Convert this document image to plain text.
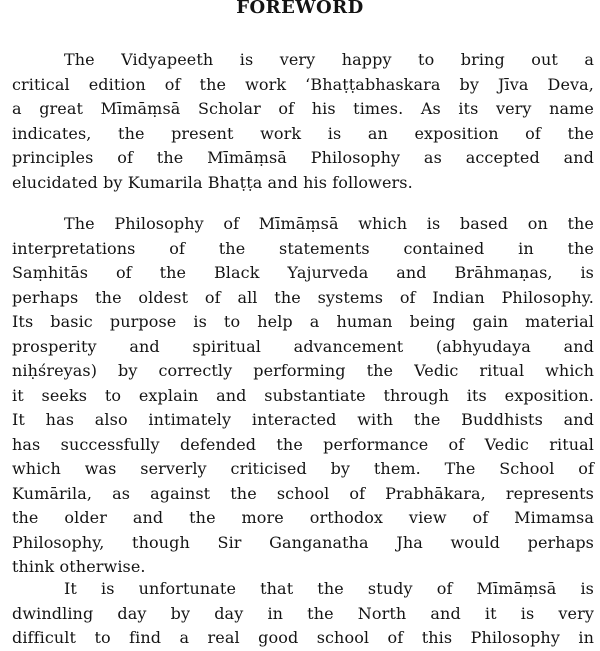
FOREWORD
The Vidyapeeth is very happy to bring out a
critical edition of the work ‘Bhaṭṭabhaskara by Jīva Deva,
a great Mīmāṃsā Scholar of his times. As its very name
indicates, the present work is an exposition of the
principles of the Mīmāṃsā Philosophy as accepted and
elucidated by Kumarila Bhaṭṭa and his followers.
The Philosophy of Mīmāṃsā which is based on the
interpretations of the statements contained in the
Saṃhitās of the Black Yajurveda and Brāhmaṇas, is
perhaps the oldest of all the systems of Indian Philosophy.
Its basic purpose is to help a human being gain material
prosperity and spiritual advancement (abhyudaya and
niḥśreyas) by correctly performing the Vedic ritual which
it seeks to explain and substantiate through its exposition.
It has also intimately interacted with the Buddhists and
has successfully defended the performance of Vedic ritual
which was serverly criticised by them. The School of
Kumārila, as against the school of Prabhākara, represents
the older and the more orthodox view of Mimamsa
Philosophy, though Sir Ganganatha Jha would perhaps
think otherwise.
It is unfortunate that the study of Mīmāṃsā is
dwindling day by day in the North and it is very
difficult to find a real good school of this Philosophy in
